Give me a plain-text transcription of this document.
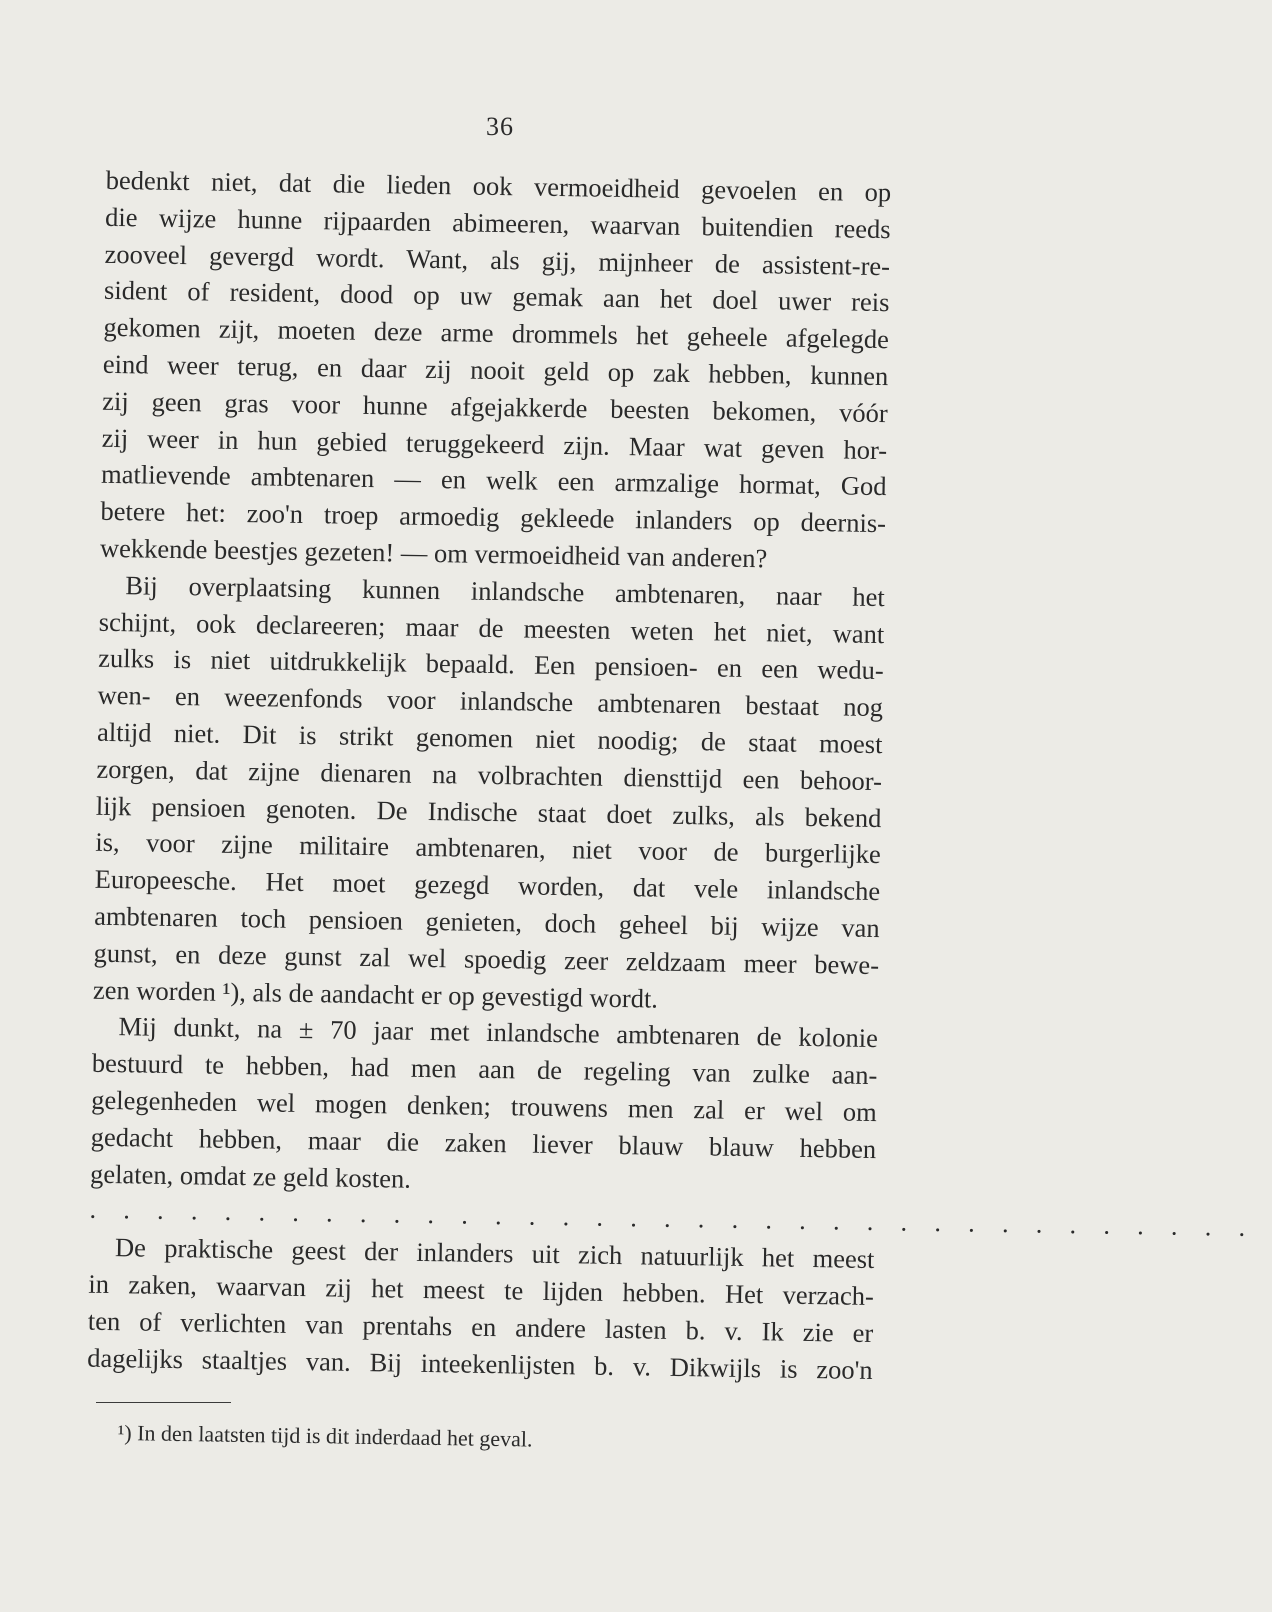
36
bedenkt niet, dat die lieden ook vermoeidheid gevoelen en op
die wijze hunne rijpaarden abimeeren, waarvan buitendien reeds
zooveel gevergd wordt. Want, als gij, mijnheer de assistent-re-
sident of resident, dood op uw gemak aan het doel uwer reis
gekomen zijt, moeten deze arme drommels het geheele afgelegde
eind weer terug, en daar zij nooit geld op zak hebben, kunnen
zij geen gras voor hunne afgejakkerde beesten bekomen, vóór
zij weer in hun gebied teruggekeerd zijn. Maar wat geven hor-
matlievende ambtenaren — en welk een armzalige hormat, God
betere het: zoo'n troep armoedig gekleede inlanders op deernis-
wekkende beestjes gezeten! — om vermoeidheid van anderen?
Bij overplaatsing kunnen inlandsche ambtenaren, naar het
schijnt, ook declareeren; maar de meesten weten het niet, want
zulks is niet uitdrukkelijk bepaald. Een pensioen- en een wedu-
wen- en weezenfonds voor inlandsche ambtenaren bestaat nog
altijd niet. Dit is strikt genomen niet noodig; de staat moest
zorgen, dat zijne dienaren na volbrachten diensttijd een behoor-
lijk pensioen genoten. De Indische staat doet zulks, als bekend
is, voor zijne militaire ambtenaren, niet voor de burgerlijke
Europeesche. Het moet gezegd worden, dat vele inlandsche
ambtenaren toch pensioen genieten, doch geheel bij wijze van
gunst, en deze gunst zal wel spoedig zeer zeldzaam meer bewe-
zen worden ¹), als de aandacht er op gevestigd wordt.
Mij dunkt, na ± 70 jaar met inlandsche ambtenaren de kolonie
bestuurd te hebben, had men aan de regeling van zulke aan-
gelegenheden wel mogen denken; trouwens men zal er wel om
gedacht hebben, maar die zaken liever blauw blauw hebben
gelaten, omdat ze geld kosten.
. . . . . . . . . . . . . . . . . . . . . . . . . . . . . . . . . . .
De praktische geest der inlanders uit zich natuurlijk het meest
in zaken, waarvan zij het meest te lijden hebben. Het verzach-
ten of verlichten van prentahs en andere lasten b. v. Ik zie er
dagelijks staaltjes van. Bij inteekenlijsten b. v. Dikwijls is zoo'n
¹) In den laatsten tijd is dit inderdaad het geval.
